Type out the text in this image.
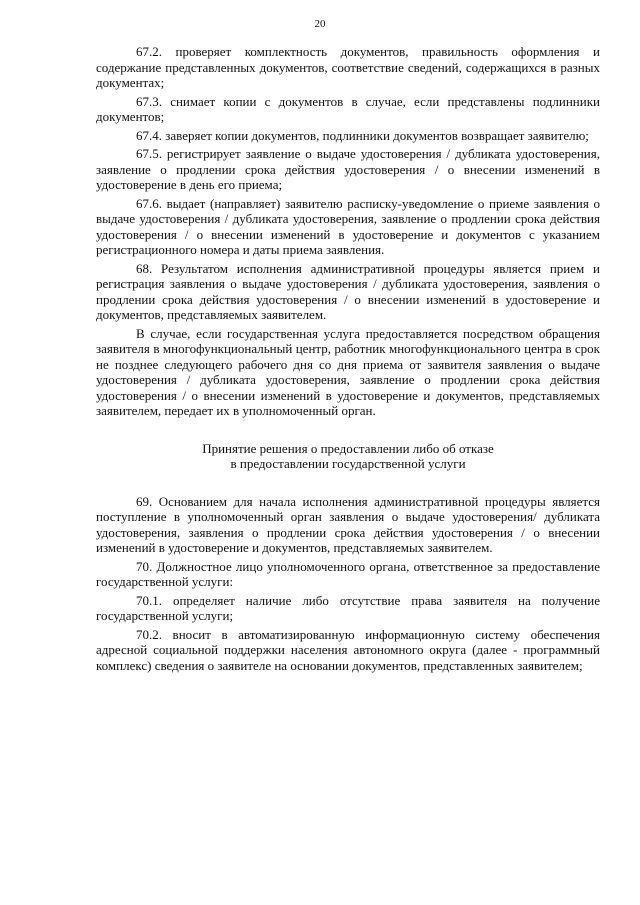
20

67.2. проверяет комплектность документов, правильность оформления и содержание представленных документов, соответствие сведений, содержащихся в разных документах;

67.3. снимает копии с документов в случае, если представлены подлинники документов;

67.4. заверяет копии документов, подлинники документов возвращает заявителю;

67.5. регистрирует заявление о выдаче удостоверения / дубликата удостоверения, заявление о продлении срока действия удостоверения / о внесении изменений в удостоверение в день его приема;

67.6. выдает (направляет) заявителю расписку-уведомление о приеме заявления о выдаче удостоверения / дубликата удостоверения, заявление о продлении срока действия удостоверения / о внесении изменений в удостоверение и документов с указанием регистрационного номера и даты приема заявления.

68. Результатом исполнения административной процедуры является прием и регистрация заявления о выдаче удостоверения / дубликата удостоверения, заявления о продлении срока действия удостоверения / о внесении изменений в удостоверение и документов, представляемых заявителем.

В случае, если государственная услуга предоставляется посредством обращения заявителя в многофункциональный центр, работник многофункционального центра в срок не позднее следующего рабочего дня со дня приема от заявителя заявления о выдаче удостоверения / дубликата удостоверения, заявление о продлении срока действия удостоверения / о внесении изменений в удостоверение и документов, представляемых заявителем, передает их в уполномоченный орган.

Принятие решения о предоставлении либо об отказе
в предоставлении государственной услуги

69. Основанием для начала исполнения административной процедуры является поступление в уполномоченный орган заявления о выдаче удостоверения/ дубликата удостоверения, заявления о продлении срока действия удостоверения / о внесении изменений в удостоверение и документов, представляемых заявителем.

70. Должностное лицо уполномоченного органа, ответственное за предоставление государственной услуги:

70.1. определяет наличие либо отсутствие права заявителя на получение государственной услуги;

70.2. вносит в автоматизированную информационную систему обеспечения адресной социальной поддержки населения автономного округа (далее - программный комплекс) сведения о заявителе на основании документов, представленных заявителем;
